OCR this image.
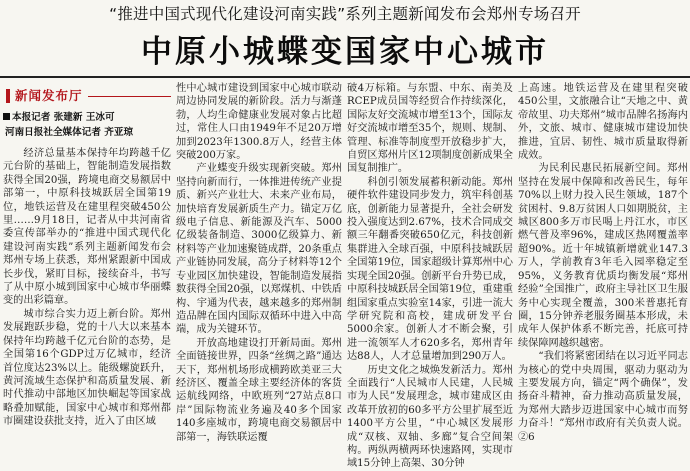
“推进中国式现代化建设河南实践”系列主题新闻发布会郑州专场召开
中原小城蝶变国家中心城市
新闻发布厅
本报记者 张建新 王冰可
河南日报社全媒体记者 齐亚琼

经济总量基本保持年均跨越千亿元台阶的基础上，智能制造发展指数获得全国20强，跨境电商交易额居中部第一，中原科技城跃居全国第19位，地铁运营及在建里程突破450公里……9月18日，记者从中共河南省委宣传部举办的“推进中国式现代化建设河南实践”系列主题新闻发布会郑州专场上获悉，郑州紧跟新中国成长步伐，紧盯目标，接续奋斗，书写了从中原小城到国家中心城市华丽蝶变的出彩篇章。

城市综合实力迈上新台阶。郑州发展跑跃步稳，党的十八大以来基本保持年均跨越千亿元台阶的态势，是全国第16个GDP过万亿城市，经济首位度达23%以上。能级螺旋跃升，黄河流域生态保护和高质量发展、新时代推动中部地区加快崛起等国家战略叠加赋能，国家中心城市和郑州都市圈建设获批支持，近入了由区域

性中心城市建设到国家中心城市联动周边协同发展的新阶段。活力与渐蓬勃，人均生命健康业发展对象占比超过，常住人口由1949年不足20万增加到2023年1300.8万人，经营主体突破200万家。

产业蝶变升级实现新突破。郑州坚持向新而行，一体推进传统产业提质、新兴产业壮大、未来产业布局，加快培育发展新质生产力。锚定万亿级电子信息、新能源及汽车、5000亿级装备制造、3000亿级算力、新材料等产业加速聚链成群，20条重点产业链协同发展，高分子材料等12个专业园区加快建设，智能制造发展指数获得全国20强，以郑煤机、中铁盾构、宇通为代表，越来越多的郑州制造品牌在国内国际双循环中进入中高端，成为关键环节。

开放高地建设打开新局面。郑州全面链接世界，四条“丝绸之路”通达天下，郑州机场形成横跨欧美亚三大经济区、覆盖全球主要经济体的客货运航线网络，中欧班列“27站点8口岸”国际物流业务遍及40多个国家140多座城市，跨境电商交易额居中部第一，海铁联运覆

破4万标箱。与东盟、中东、南美及RCEP成员国等经贸合作持续深化，国际友好交流城市增至13个，国际友好交流城市增至35个，规则、规制、管理、标准等制度型开放稳步扩大，自贸区郑州片区12项制度创新成果全国复制推广。

科创引领发展蓄积新动能。郑州硬件软件建设同步发力，筑牢科创基底，创新能力显著提升，全社会研发投入强度达到2.67%，技术合同成交额三年翻番突破650亿元，科技创新集群进入全球百强，中原科技城跃居全国第19位，国家超级计算郑州中心实现全国20强。创新平台升势已成，中原科技城跃居全国第19位，重建重组国家重点实验室14家，引进一流大学研究院和高校，建成研发平台5000余家。创新人才不断会聚，引进一流领军人才620多名，郑州青年达88人，人才总量增加到290万人。

历史文化之城焕发新活力。郑州全面践行“人民城市人民建，人民城市为人民”发展理念，城市建成区由改革开放初的60多平方公里扩展至近1400平方公里，“中心城区发展形成“双核、双轴、多廊”复合空间架构。两纵两横两环快速路网，实现市域15分钟上高架、30分钟

上高速。地铁运营及在建里程突破450公里，文旅融合让“天地之中、黄帝故里、功夫郑州”城市品牌名扬海内外，文旅、城市、健康城市建设加快推进，宜居、韧性、城市质量取得新成效。

为民利民惠民拓展新空间。郑州坚持在发展中保障和改善民生，每年70%以上财力投入民生领域，187个贫困村、9.8万贫困人口如期脱贫，主城区800多万市民喝上丹江水，市区燃气普及率96%，建成区热网覆盖率超90%。近十年城镇新增就业147.3万人，学前教育3年毛入园率稳定至95%，义务教育优质均衡发展“郑州经验”全国推广，政府主导社区卫生服务中心实现全覆盖，300米普惠托育圈，15分钟养老服务圈基本形成，未成年人保护体系不断完善，托底可持续保障网越织越密。

“我们将紧密团结在以习近平同志为核心的党中央周围，驱动力驱动为主要发展方向，锚定“两个确保”，发扬奋斗精神，奋力推动高质量发展，为郑州大踏步迈进国家中心城市而努力奋斗！”郑州市政府有关负责人说。②6
